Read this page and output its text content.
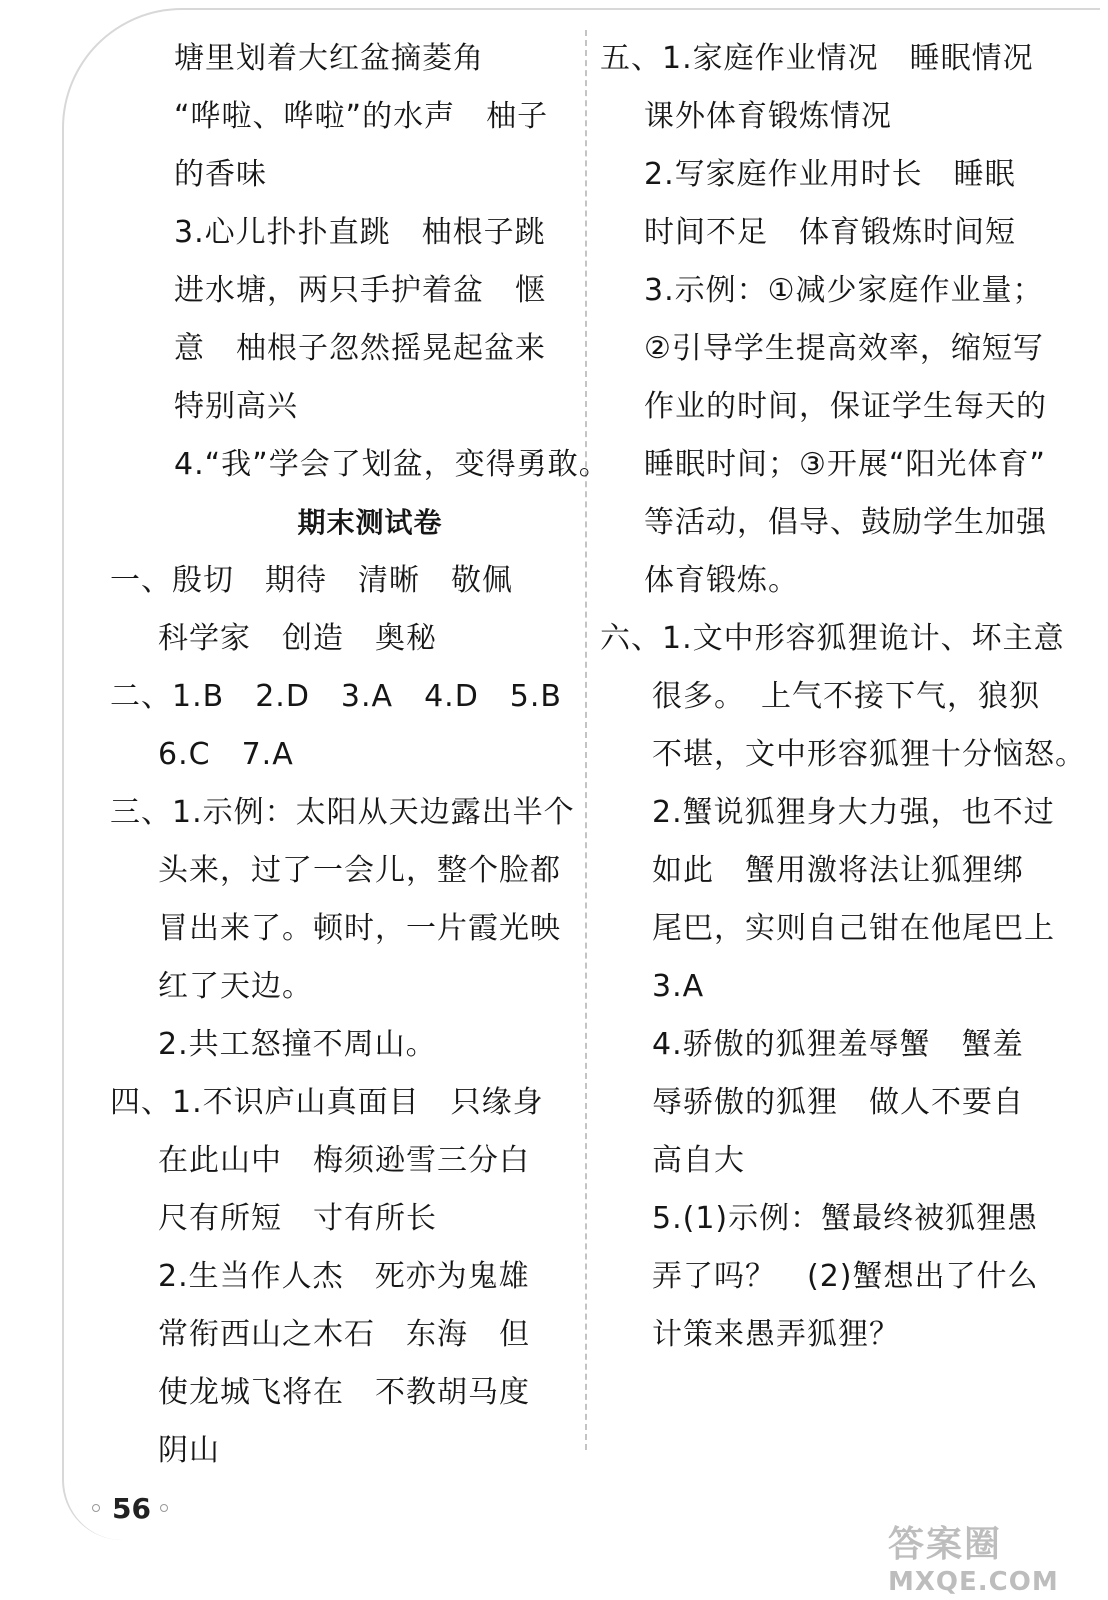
塘里划着大红盆摘菱角
“哗啦、哗啦”的水声　柚子
的香味
3.心儿扑扑直跳　柚根子跳
进水塘，两只手护着盆　惬
意　柚根子忽然摇晃起盆来
特别高兴
4.“我”学会了划盆，变得勇敢。
期末测试卷
一、殷切　期待　清晰　敬佩
科学家　创造　奥秘
二、1.B　2.D　3.A　4.D　5.B
6.C　7.A
三、1.示例：太阳从天边露出半个
头来，过了一会儿，整个脸都
冒出来了。顿时，一片霞光映
红了天边。
2.共工怒撞不周山。
四、1.不识庐山真面目　只缘身
在此山中　梅须逊雪三分白
尺有所短　寸有所长
2.生当作人杰　死亦为鬼雄
常衔西山之木石　东海　但
使龙城飞将在　不教胡马度
阴山
五、1.家庭作业情况　睡眠情况
课外体育锻炼情况
2.写家庭作业用时长　睡眠
时间不足　体育锻炼时间短
3.示例：①减少家庭作业量；
②引导学生提高效率，缩短写
作业的时间，保证学生每天的
睡眠时间；③开展“阳光体育”
等活动，倡导、鼓励学生加强
体育锻炼。
六、1.文中形容狐狸诡计、坏主意
很多。　上气不接下气，狼狈
不堪，文中形容狐狸十分恼怒。
2.蟹说狐狸身大力强，也不过
如此　蟹用激将法让狐狸绑
尾巴，实则自己钳在他尾巴上
3.A
4.骄傲的狐狸羞辱蟹　蟹羞
辱骄傲的狐狸　做人不要自
高自大
5.(1)示例：蟹最终被狐狸愚
弄了吗？　(2)蟹想出了什么
计策来愚弄狐狸？
56
答案圈
MXQE.COM
